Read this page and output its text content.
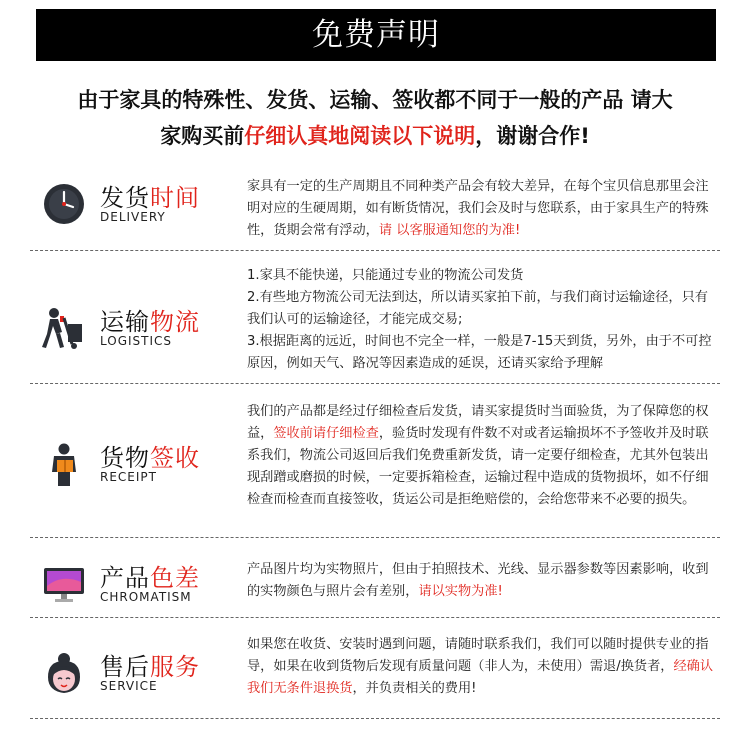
免费声明
由于家具的特殊性、发货、运输、签收都不同于一般的产品 请大
家购买前仔细认真地阅读以下说明，谢谢合作!
发货时间
DELIVERY
家具有一定的生产周期且不同种类产品会有较大差异，在每个宝贝信息那里会注明对应的生硬周期，如有断货情况，我们会及时与您联系，由于家具生产的特殊性，货期会常有浮动，请 以客服通知您的为准!
运输物流
LOGISTICS
1.家具不能快递，只能通过专业的物流公司发货
2.有些地方物流公司无法到达，所以请买家拍下前，与我们商讨运输途径，只有我们认可的运输途径，才能完成交易;
3.根据距离的远近，时间也不完全一样，一般是7-15天到货，另外，由于不可控原因，例如天气、路况等因素造成的延误，还请买家给予理解
货物签收
RECEIPT
我们的产品都是经过仔细检查后发货，请买家提货时当面验货，为了保障您的权益，签收前请仔细检查，验货时发现有件数不对或者运输损坏不予签收并及时联系我们，物流公司返回后我们免费重新发货，请一定要仔细检查，尤其外包装出现刮蹭或磨损的时候，一定要拆箱检查，运输过程中造成的货物损坏，如不仔细检查而检查而直接签收，货运公司是拒绝赔偿的，会给您带来不必要的损失。
产品色差
CHROMATISM
产品图片均为实物照片，但由于拍照技术、光线、显示器参数等因素影响，收到的实物颜色与照片会有差别，请以实物为准!
售后服务
SERVICE
如果您在收货、安装时遇到问题，请随时联系我们，我们可以随时提供专业的指导，如果在收到货物后发现有质量问题（非人为，未使用）需退/换货者，经确认我们无条件退换货，并负责相关的费用!
